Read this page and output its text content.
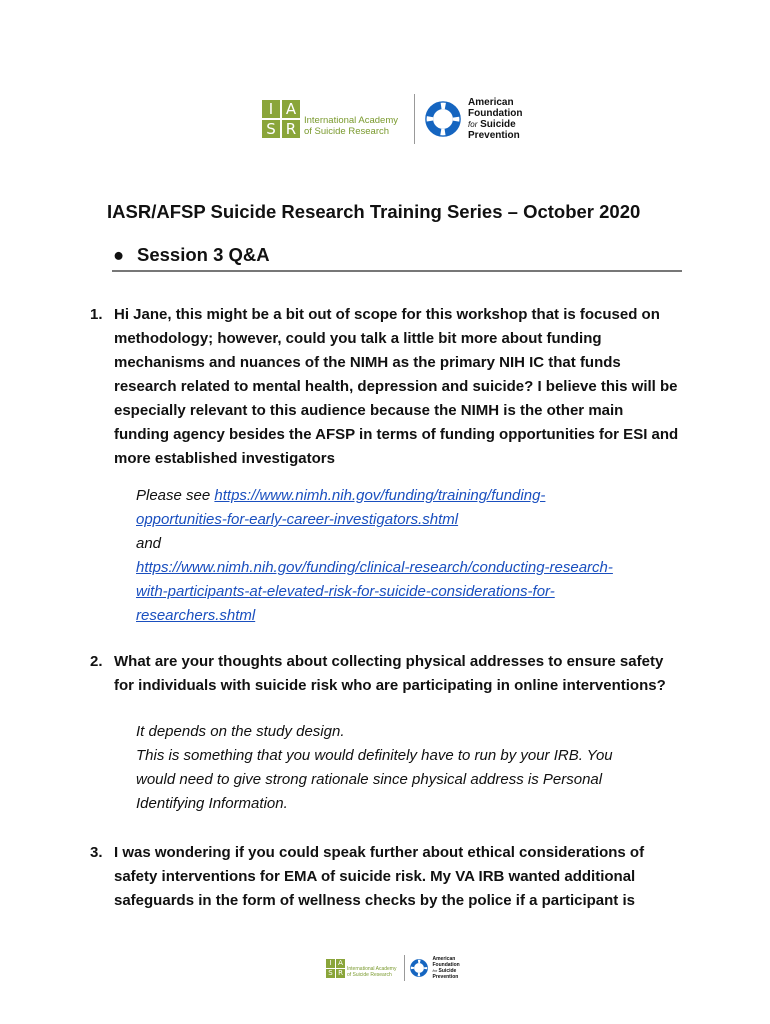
I A
S R International Academy
of Suicide Research
American
Foundation
for Suicide
Prevention
IASR/AFSP Suicide Research Training Series – October 2020
● Session 3 Q&A
1. Hi Jane, this might be a bit out of scope for this workshop that is focused on methodology; however, could you talk a little bit more about funding mechanisms and nuances of the NIMH as the primary NIH IC that funds research related to mental health, depression and suicide? I believe this will be especially relevant to this audience because the NIMH is the other main funding agency besides the AFSP in terms of funding opportunities for ESI and more established investigators
Please see https://www.nimh.nih.gov/funding/training/funding-
opportunities-for-early-career-investigators.shtml
and
https://www.nimh.nih.gov/funding/clinical-research/conducting-research-
with-participants-at-elevated-risk-for-suicide-considerations-for-
researchers.shtml
2. What are your thoughts about collecting physical addresses to ensure safety for individuals with suicide risk who are participating in online interventions?
It depends on the study design.
This is something that you would definitely have to run by your IRB. You
would need to give strong rationale since physical address is Personal
Identifying Information.
3. I was wondering if you could speak further about ethical considerations of safety interventions for EMA of suicide risk. My VA IRB wanted additional safeguards in the form of wellness checks by the police if a participant is
I A
S R International Academy
of Suicide Research
American
Foundation
for Suicide
Prevention
